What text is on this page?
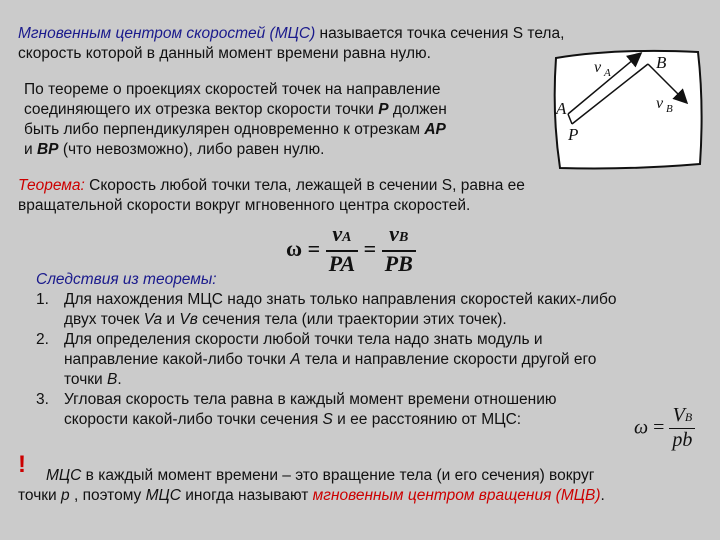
Мгновенным центром скоростей (МЦС) называется точка сечения S тела,
скорость которой в данный момент времени равна нулю.
По теореме о проекциях скоростей точек на направление
соединяющего их отрезка вектор скорости точки P должен
быть либо перпендикулярен одновременно к отрезкам AP
и BP (что невозможно), либо равен нулю.
A
B
P
v A
v B
Теорема: Скорость любой точки тела, лежащей в сечении S, равна ее
вращательной скорости вокруг мгновенного центра скоростей.
$\omega = \frac{vA}{PA} = \frac{vB}{PB}$
Следствия из теоремы:
1. Для нахождения МЦС надо знать только направления скоростей каких-либо
двух точек Va и Vв сечения тела (или траектории этих точек).
2. Для определения скорости любой точки тела надо знать модуль и
направление какой-либо точки A тела и направление скорости другой его
точки B.
3. Угловая скорость тела равна в каждый момент времени отношению
скорости какой-либо точки сечения S и ее расстоянию от МЦС:	$\omega = \frac{VB}{pb}$
!	МЦС в каждый момент времени – это вращение тела (и его сечения) вокруг
точки p , поэтому МЦС иногда называют мгновенным центром вращения (МЦВ).
